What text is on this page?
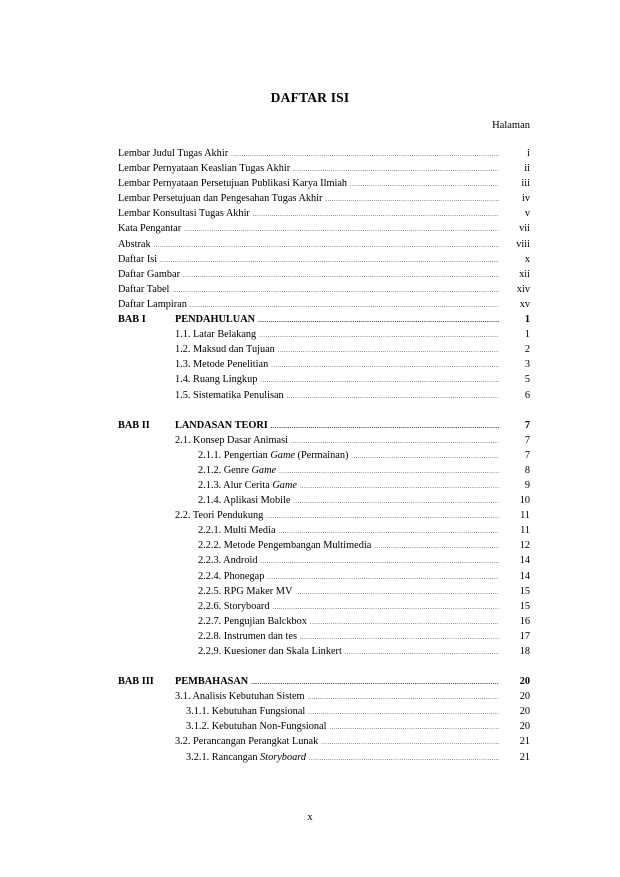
DAFTAR ISI
Halaman
Lembar Judul Tugas Akhir .....	i
Lembar Pernyataan Keaslian Tugas Akhir .....	ii
Lembar Pernyataan Persetujuan Publikasi Karya Ilmiah .....	iii
Lembar Persetujuan dan Pengesahan Tugas Akhir .....	iv
Lembar Konsultasi Tugas Akhir .....	v
Kata Pengantar .....	vii
Abstrak .....	viii
Daftar Isi .....	x
Daftar Gambar .....	xii
Daftar Tabel .....	xiv
Daftar Lampiran .....	xv
BAB I	PENDAHULUAN .....	1
1.1. Latar Belakang .....	1
1.2. Maksud dan Tujuan .....	2
1.3. Metode Penelitian .....	3
1.4. Ruang Lingkup .....	5
1.5. Sistematika Penulisan .....	6
BAB II	LANDASAN TEORI .....	7
2.1. Konsep Dasar Animasi .....	7
2.1.1. Pengertian Game (Permainan) .....	7
2.1.2. Genre Game .....	8
2.1.3. Alur Cerita Game .....	9
2.1.4. Aplikasi Mobile .....	10
2.2. Teori Pendukung .....	11
2.2.1. Multi Media .....	11
2.2.2. Metode Pengembangan Multimedia .....	12
2.2.3. Android .....	14
2.2.4. Phonegap .....	14
2.2.5. RPG Maker MV .....	15
2.2.6. Storyboard .....	15
2.2.7. Pengujian Balckbox .....	16
2.2.8. Instrumen dan tes .....	17
2.2.9. Kuesioner dan Skala Linkert .....	18
BAB III	PEMBAHASAN .....	20
3.1. Analisis Kebutuhan Sistem .....	20
3.1.1. Kebutuhan Fungsional .....	20
3.1.2. Kebutuhan Non-Fungsional .....	20
3.2. Perancangan Perangkat Lunak .....	21
3.2.1. Rancangan Storyboard .....	21
x
